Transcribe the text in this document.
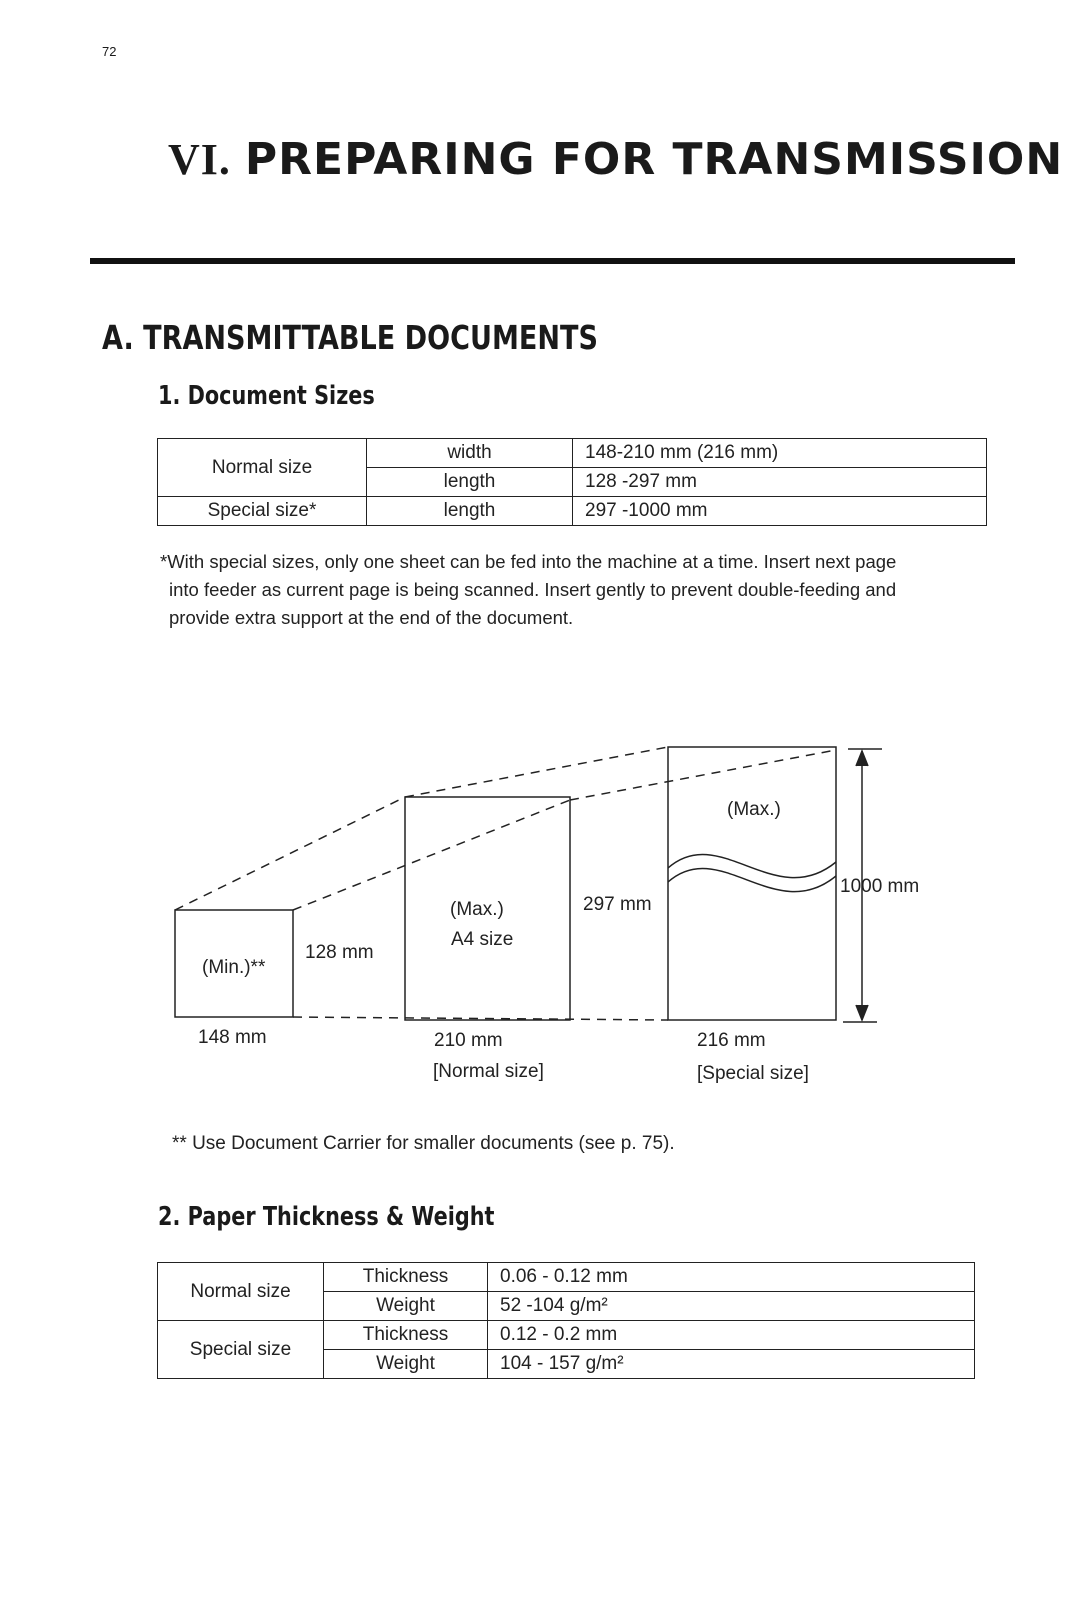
72
VI. PREPARING FOR TRANSMISSION
A. TRANSMITTABLE DOCUMENTS
1. Document Sizes
Normal size	width	148-210 mm (216 mm)
	length	128 -297 mm
Special size*	length	297 -1000 mm
*With special sizes, only one sheet can be fed into the machine at a time. Insert next page
into feeder as current page is being scanned. Insert gently to prevent double-feeding and
provide extra support at the end of the document.
(Min.)**
128 mm
148 mm
(Max.)
A4 size
297 mm
210 mm
[Normal size]
(Max.)
1000 mm
216 mm
[Special size]
** Use Document Carrier for smaller documents (see p. 75).
2. Paper Thickness & Weight
Normal size	Thickness	0.06 - 0.12 mm
	Weight	52 -104 g/m²
Special size	Thickness	0.12 - 0.2 mm
	Weight	104 - 157 g/m²
